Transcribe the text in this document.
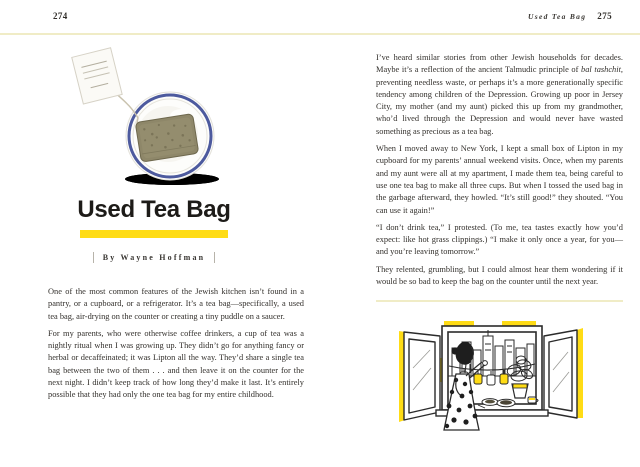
274	Used Tea Bag 275
Used Tea Bag
By Wayne Hoffman

One of the most common features of the Jewish kitchen isn’t found in a pantry, or a cupboard, or a refrigerator. It’s a tea bag—specifically, a used tea bag, air-drying on the counter or creating a tiny puddle on a saucer.

For my parents, who were otherwise coffee drinkers, a cup of tea was a nightly ritual when I was growing up. They didn’t go for anything fancy or herbal or decaffeinated; it was Lipton all the way. They’d share a single tea bag between the two of them . . . and then leave it on the counter for the next night. I didn’t keep track of how long they’d make it last. It’s entirely possible that they had only the one tea bag for my entire childhood.

I’ve heard similar stories from other Jewish households for decades. Maybe it’s a reflection of the ancient Talmudic principle of bal tashchit, preventing needless waste, or perhaps it’s a more generationally specific tendency among children of the Depression. Growing up poor in Jersey City, my mother (and my aunt) picked this up from my grandmother, who’d lived through the Depression and would never have wasted something as precious as a tea bag.

When I moved away to New York, I kept a small box of Lipton in my cupboard for my parents’ annual weekend visits. Once, when my parents and my aunt were all at my apartment, I made them tea, being careful to use one tea bag to make all three cups. But when I tossed the used bag in the garbage afterward, they howled. “It’s still good!” they shouted. “You can use it again!”

“I don’t drink tea,” I protested. (To me, tea tastes exactly how you’d expect: like hot grass clippings.) “I make it only once a year, for you—and you’re leaving tomorrow.”

They relented, grumbling, but I could almost hear them wondering if it would be so bad to keep the bag on the counter until the next year.
